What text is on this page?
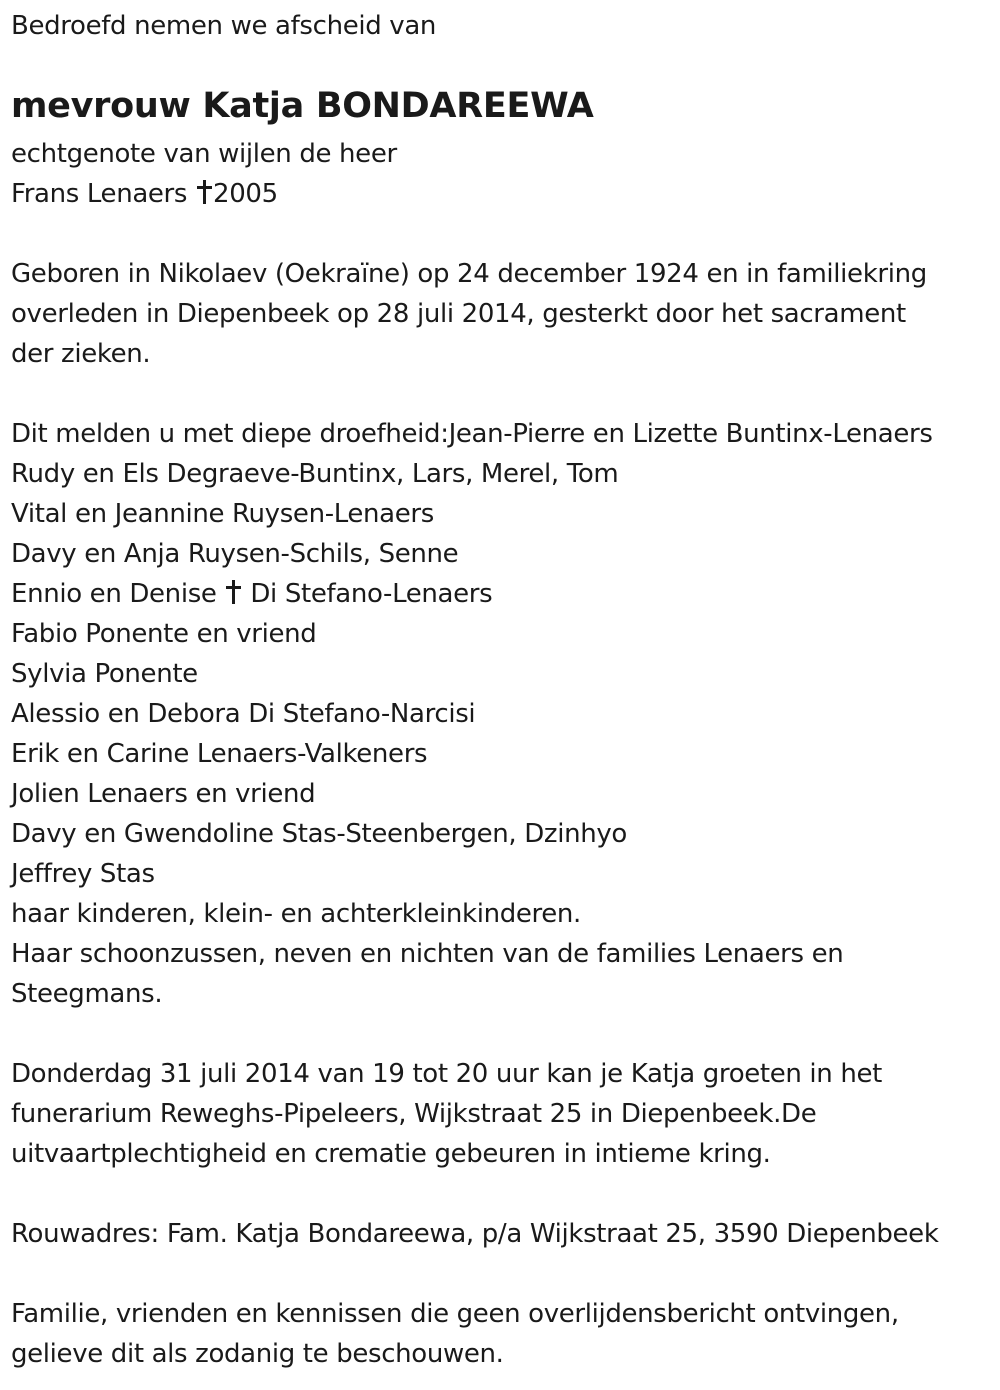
Bedroefd nemen we afscheid van
mevrouw Katja BONDAREEWA
echtgenote van wijlen de heer
Frans Lenaers 2005
Geboren in Nikolaev (Oekraïne) op 24 december 1924 en in familiekring
overleden in Diepenbeek op 28 juli 2014, gesterkt door het sacrament
der zieken.
Dit melden u met diepe droefheid:Jean-Pierre en Lizette Buntinx-Lenaers
Rudy en Els Degraeve-Buntinx, Lars, Merel, Tom
Vital en Jeannine Ruysen-Lenaers
Davy en Anja Ruysen-Schils, Senne
Ennio en Denise Di Stefano-Lenaers
Fabio Ponente en vriend
Sylvia Ponente
Alessio en Debora Di Stefano-Narcisi
Erik en Carine Lenaers-Valkeners
Jolien Lenaers en vriend
Davy en Gwendoline Stas-Steenbergen, Dzinhyo
Jeffrey Stas
haar kinderen, klein- en achterkleinkinderen.
Haar schoonzussen, neven en nichten van de families Lenaers en
Steegmans.
Donderdag 31 juli 2014 van 19 tot 20 uur kan je Katja groeten in het
funerarium Reweghs-Pipeleers, Wijkstraat 25 in Diepenbeek.De
uitvaartplechtigheid en crematie gebeuren in intieme kring.
Rouwadres: Fam. Katja Bondareewa, p/a Wijkstraat 25, 3590 Diepenbeek
Familie, vrienden en kennissen die geen overlijdensbericht ontvingen,
gelieve dit als zodanig te beschouwen.
